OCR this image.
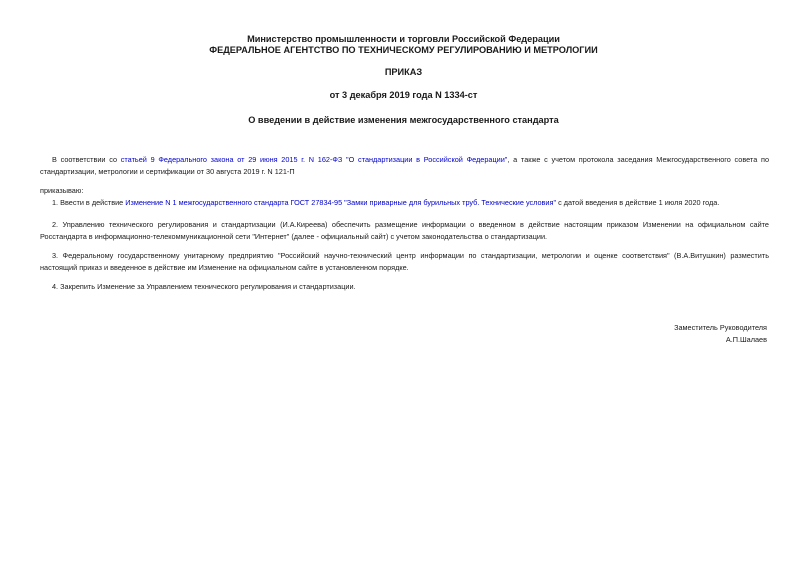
Министерство промышленности и торговли Российской Федерации
ФЕДЕРАЛЬНОЕ АГЕНТСТВО ПО ТЕХНИЧЕСКОМУ РЕГУЛИРОВАНИЮ И МЕТРОЛОГИИ
ПРИКАЗ
от 3 декабря 2019 года N 1334-ст
О введении в действие изменения межгосударственного стандарта
В соответствии со статьей 9 Федерального закона от 29 июня 2015 г. N 162-ФЗ "О стандартизации в Российской Федерации", а также с учетом протокола заседания Межгосударственного совета по стандартизации, метрологии и сертификации от 30 августа 2019 г. N 121-П
приказываю:
1. Ввести в действие Изменение N 1 межгосударственного стандарта ГОСТ 27834-95 "Замки приварные для бурильных труб. Технические условия" с датой введения в действие 1 июля 2020 года.
2. Управлению технического регулирования и стандартизации (И.А.Киреева) обеспечить размещение информации о введенном в действие настоящим приказом Изменении на официальном сайте Росстандарта в информационно-телекоммуникационной сети "Интернет" (далее - официальный сайт) с учетом законодательства о стандартизации.
3. Федеральному государственному унитарному предприятию "Российский научно-технический центр информации по стандартизации, метрологии и оценке соответствия" (В.А.Витушкин) разместить настоящий приказ и введенное в действие им Изменение на официальном сайте в установленном порядке.
4. Закрепить Изменение за Управлением технического регулирования и стандартизации.
Заместитель Руководителя
А.П.Шалаев
